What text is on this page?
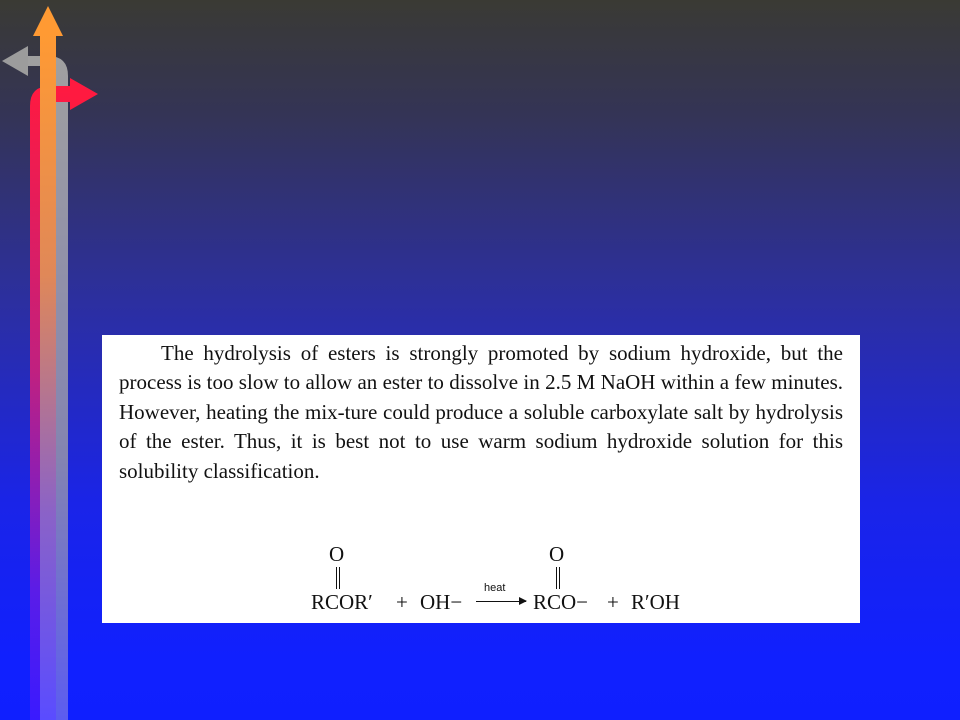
The hydrolysis of esters is strongly promoted by sodium hydroxide, but the process is too slow to allow an ester to dissolve in 2.5 M NaOH within a few minutes. However, heating the mix-ture could produce a soluble carboxylate salt by hydrolysis of the ester. Thus, it is best not to use warm sodium hydroxide solution for this solubility classification.

O
RCOR′ + OH−
heat
O
RCO− + R′OH
